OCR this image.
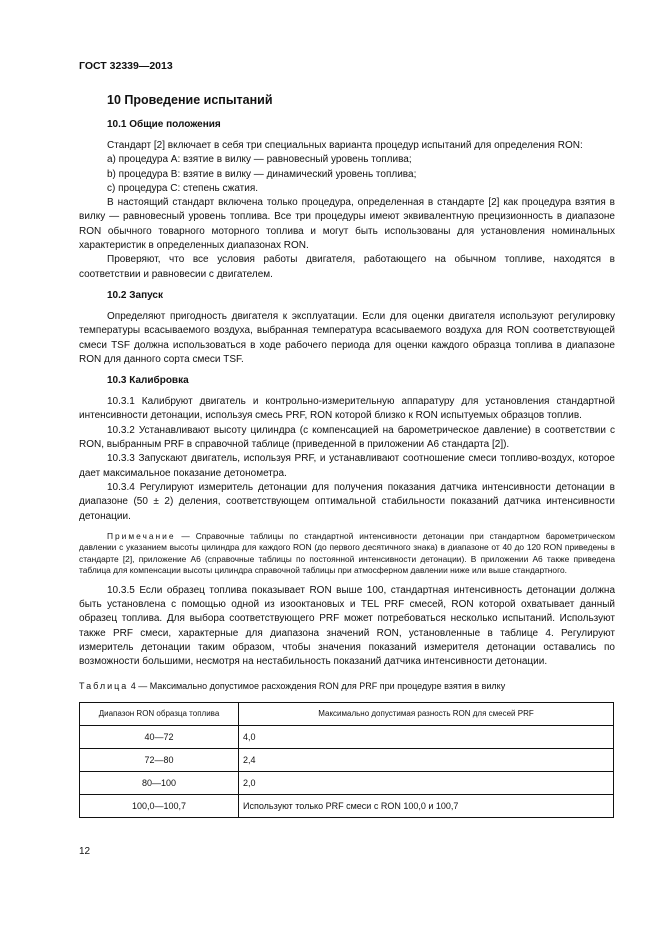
ГОСТ 32339—2013
10 Проведение испытаний

10.1 Общие положения

Стандарт [2] включает в себя три специальных варианта процедур испытаний для определения RON:

а) процедура А: взятие в вилку — равновесный уровень топлива;

b) процедура В: взятие в вилку — динамический уровень топлива;

с) процедура С: степень сжатия.

В настоящий стандарт включена только процедура, определенная в стандарте [2] как процедура взятия в вилку — равновесный уровень топлива. Все три процедуры имеют эквивалентную прецизионность в диапазоне RON обычного товарного моторного топлива и могут быть использованы для установления номинальных характеристик в определенных диапазонах RON.

Проверяют, что все условия работы двигателя, работающего на обычном топливе, находятся в соответствии и равновесии с двигателем.

10.2 Запуск

Определяют пригодность двигателя к эксплуатации. Если для оценки двигателя используют регулировку температуры всасываемого воздуха, выбранная температура всасываемого воздуха для RON соответствующей смеси TSF должна использоваться в ходе рабочего периода для оценки каждого образца топлива в диапазоне RON для данного сорта смеси TSF.

10.3 Калибровка

10.3.1 Калибруют двигатель и контрольно-измерительную аппаратуру для установления стандартной интенсивности детонации, используя смесь PRF, RON которой близко к RON испытуемых образцов топлив.

10.3.2 Устанавливают высоту цилиндра (с компенсацией на барометрическое давление) в соответствии с RON, выбранным PRF в справочной таблице (приведенной в приложении А6 стандарта [2]).

10.3.3 Запускают двигатель, используя PRF, и устанавливают соотношение смеси топливо-воздух, которое дает максимальное показание детонометра.

10.3.4 Регулируют измеритель детонации для получения показания датчика интенсивности детонации в диапазоне (50 ± 2) деления, соответствующем оптимальной стабильности показаний датчика интенсивности детонации.

Примечание — Справочные таблицы по стандартной интенсивности детонации при стандартном барометрическом давлении с указанием высоты цилиндра для каждого RON (до первого десятичного знака) в диапазоне от 40 до 120 RON приведены в стандарте [2], приложение А6 (справочные таблицы по постоянной интенсивности детонации). В приложении А6 также приведена таблица для компенсации высоты цилиндра справочной таблицы при атмосферном давлении ниже или выше стандартного.

10.3.5 Если образец топлива показывает RON выше 100, стандартная интенсивность детонации должна быть установлена с помощью одной из изооктановых и TEL PRF смесей, RON которой охватывает данный образец топлива. Для выбора соответствующего PRF может потребоваться несколько испытаний. Используют также PRF смеси, характерные для диапазона значений RON, установленные в таблице 4. Регулируют измеритель детонации таким образом, чтобы значения показаний измерителя детонации оставались по возможности большими, несмотря на нестабильность показаний датчика интенсивности детонации.

Таблица 4 — Максимально допустимое расхождения RON для PRF при процедуре взятия в вилку

Диапазон RON образца топлива	Максимально допустимая разность RON для смесей PRF
40—72	4,0
72—80	2,4
80—100	2,0
100,0—100,7	Используют только PRF смеси с RON 100,0 и 100,7
12
